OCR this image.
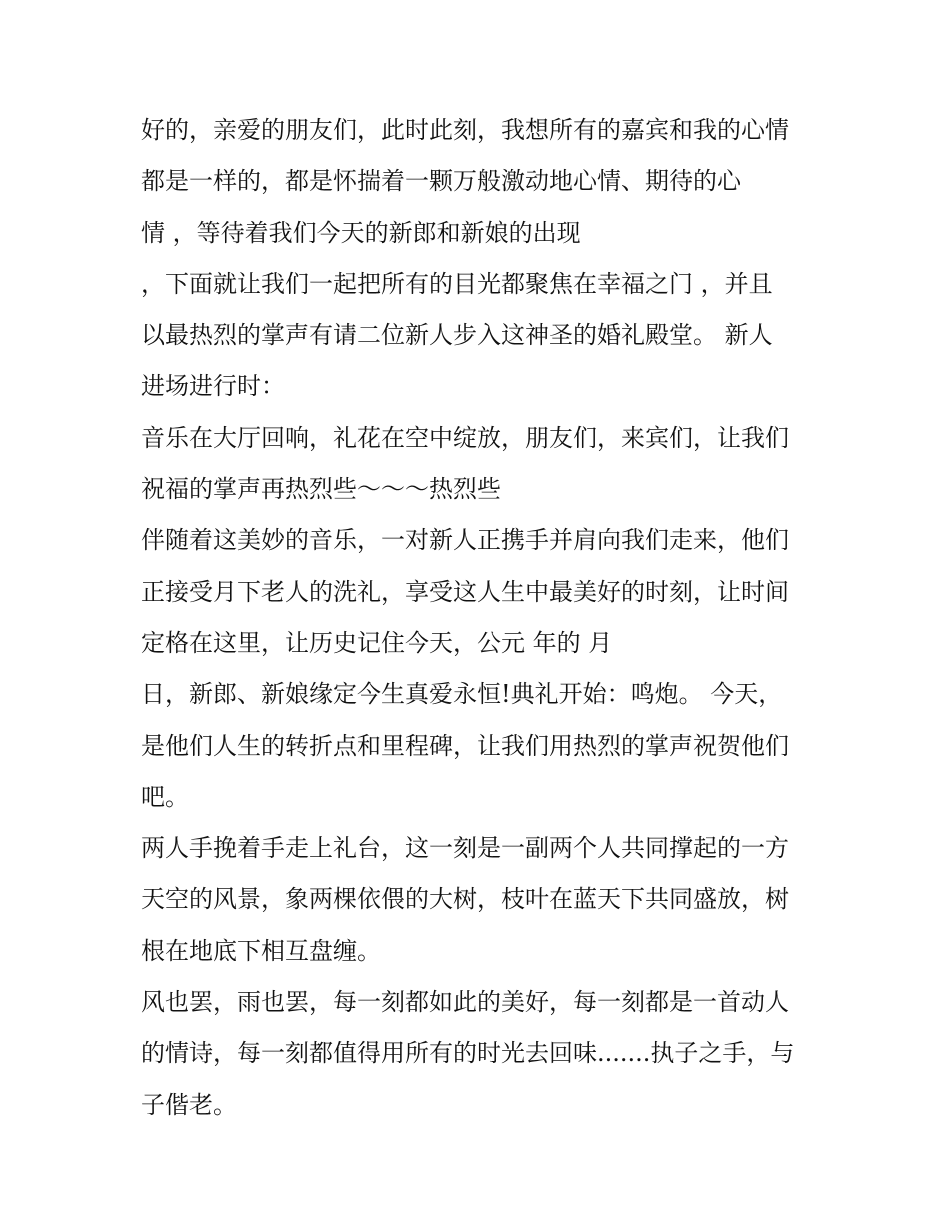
好的，亲爱的朋友们，此时此刻，我想所有的嘉宾和我的心情
都是一样的，都是怀揣着一颗万般激动地心情、期待的心
情 ，等待着我们今天的新郎和新娘的出现
，下面就让我们一起把所有的目光都聚焦在幸福之门 ，并且
以最热烈的掌声有请二位新人步入这神圣的婚礼殿堂。 新人
进场进行时：
音乐在大厅回响，礼花在空中绽放，朋友们，来宾们，让我们
祝福的掌声再热烈些～～～热烈些
伴随着这美妙的音乐，一对新人正携手并肩向我们走来，他们
正接受月下老人的洗礼，享受这人生中最美好的时刻，让时间
定格在这里，让历史记住今天，公元 年的 月
日，新郎、新娘缘定今生真爱永恒!典礼开始：鸣炮。 今天，
是他们人生的转折点和里程碑，让我们用热烈的掌声祝贺他们
吧。
两人手挽着手走上礼台，这一刻是一副两个人共同撑起的一方
天空的风景，象两棵依偎的大树，枝叶在蓝天下共同盛放，树
根在地底下相互盘缠。
风也罢，雨也罢，每一刻都如此的美好，每一刻都是一首动人
的情诗，每一刻都值得用所有的时光去回味.......执子之手，与
子偕老。
